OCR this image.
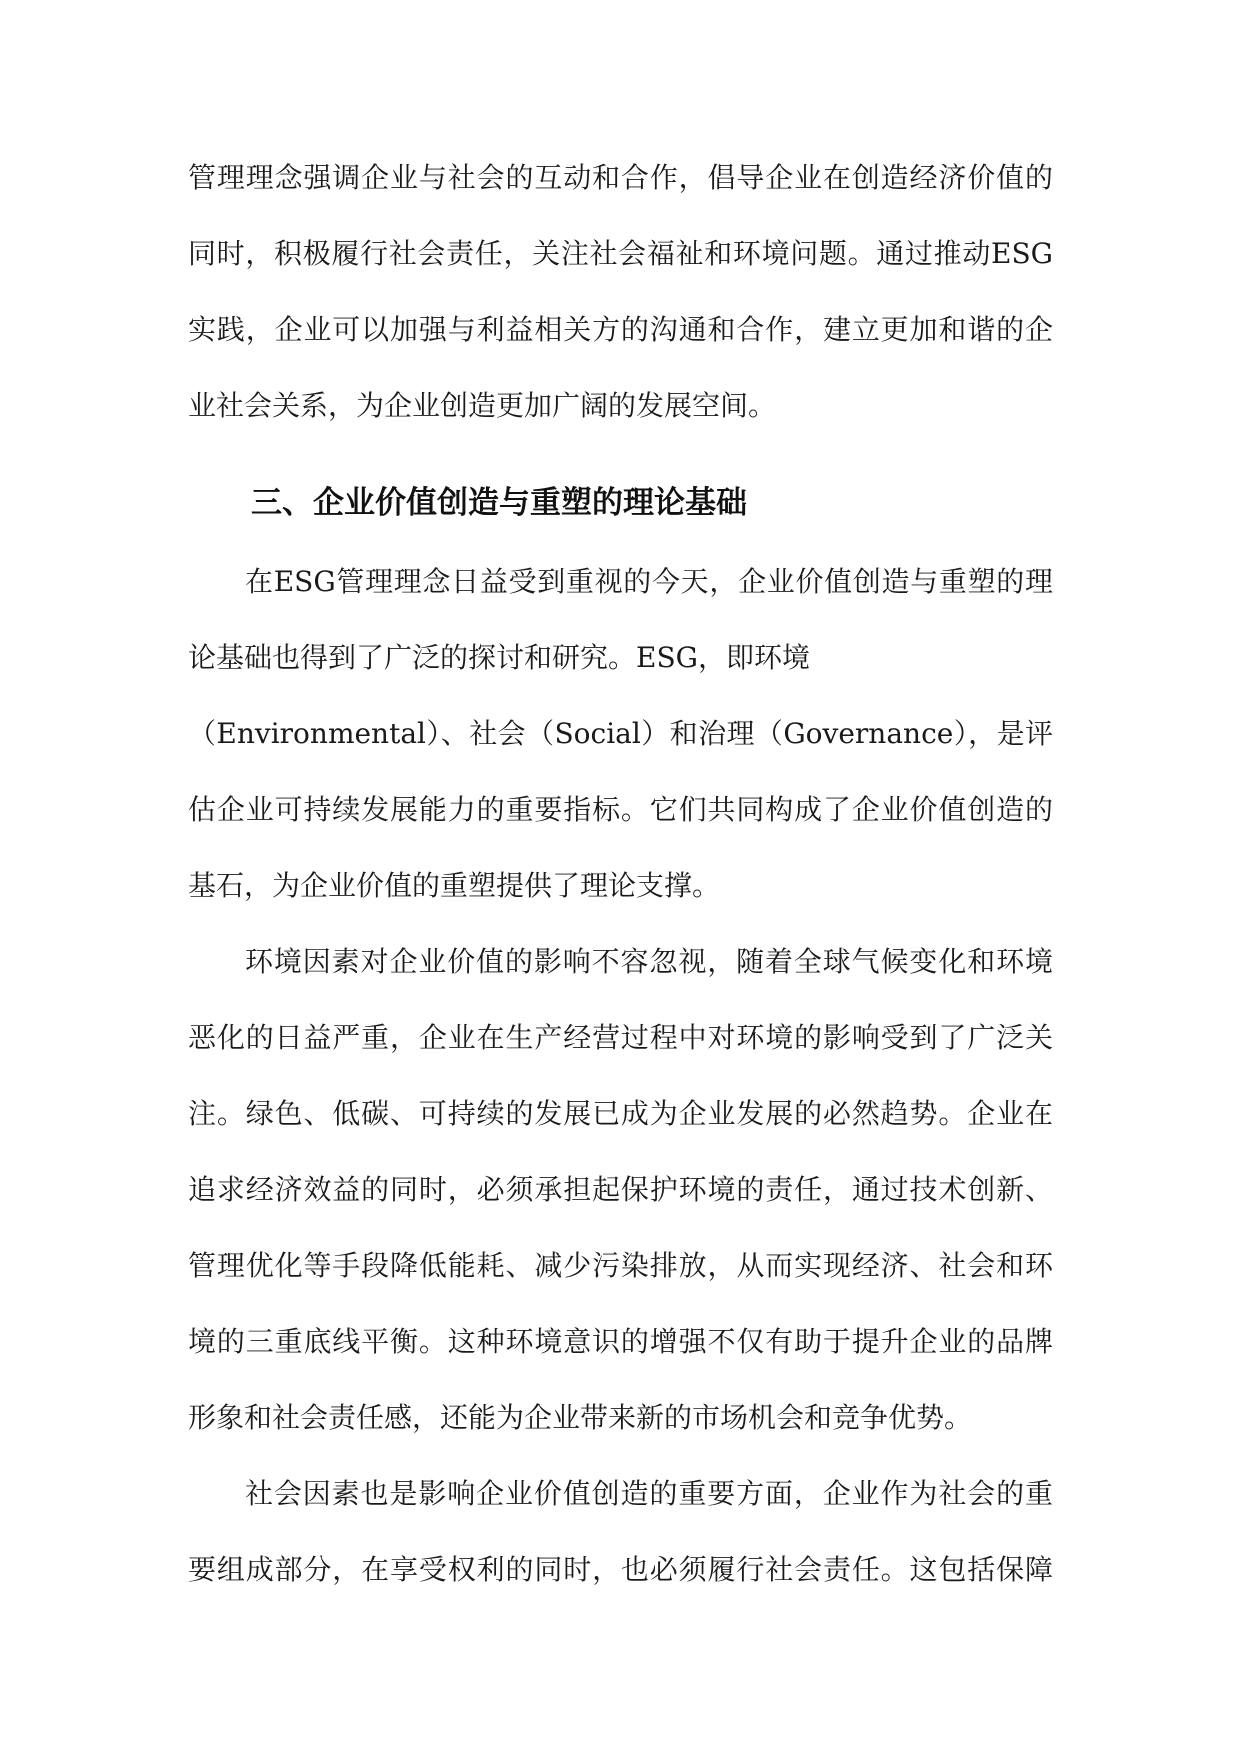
管理理念强调企业与社会的互动和合作，倡导企业在创造经济价值的
同时，积极履行社会责任，关注社会福祉和环境问题。通过推动ESG
实践，企业可以加强与利益相关方的沟通和合作，建立更加和谐的企
业社会关系，为企业创造更加广阔的发展空间。
三、企业价值创造与重塑的理论基础
在ESG管理理念日益受到重视的今天，企业价值创造与重塑的理
论基础也得到了广泛的探讨和研究。ESG，即环境
（Environmental）、社会（Social）和治理（Governance），是评
估企业可持续发展能力的重要指标。它们共同构成了企业价值创造的
基石，为企业价值的重塑提供了理论支撑。
环境因素对企业价值的影响不容忽视，随着全球气候变化和环境
恶化的日益严重，企业在生产经营过程中对环境的影响受到了广泛关
注。绿色、低碳、可持续的发展已成为企业发展的必然趋势。企业在
追求经济效益的同时，必须承担起保护环境的责任，通过技术创新、
管理优化等手段降低能耗、减少污染排放，从而实现经济、社会和环
境的三重底线平衡。这种环境意识的增强不仅有助于提升企业的品牌
形象和社会责任感，还能为企业带来新的市场机会和竞争优势。
社会因素也是影响企业价值创造的重要方面，企业作为社会的重
要组成部分，在享受权利的同时，也必须履行社会责任。这包括保障
